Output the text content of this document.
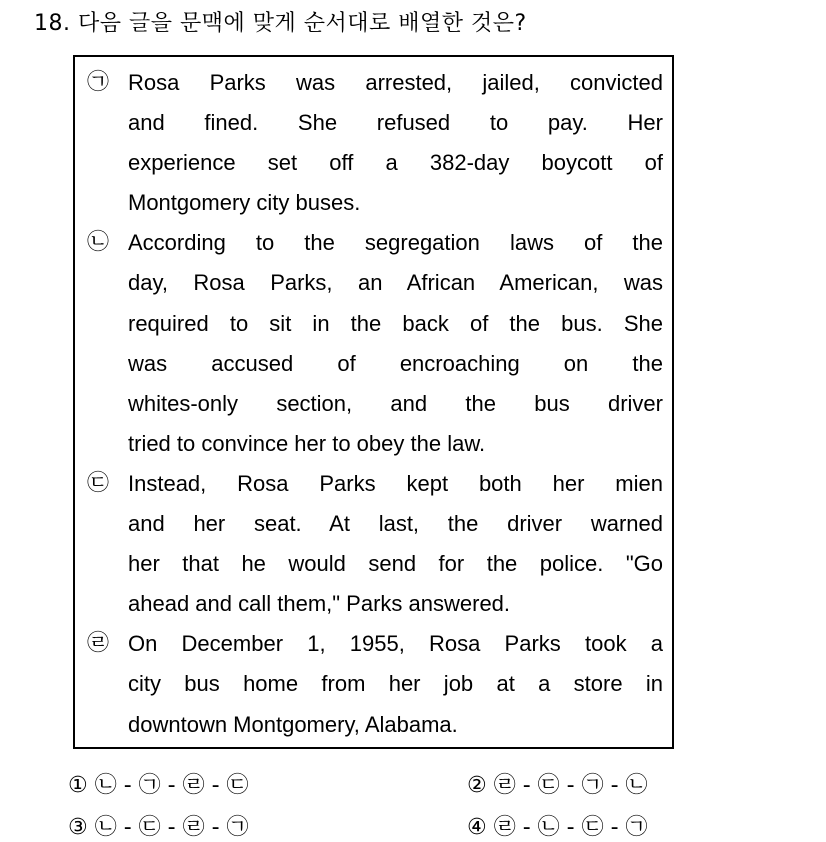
18. 다음 글을 문맥에 맞게 순서대로 배열한 것은?
㉠ Rosa Parks was arrested, jailed, convicted
and fined. She refused to pay. Her
experience set off a 382-day boycott of
Montgomery city buses.
㉡ According to the segregation laws of the
day, Rosa Parks, an African American, was
required to sit in the back of the bus. She
was accused of encroaching on the
whites-only section, and the bus driver
tried to convince her to obey the law.
㉢ Instead, Rosa Parks kept both her mien
and her seat. At last, the driver warned
her that he would send for the police. "Go
ahead and call them," Parks answered.
㉣ On December 1, 1955, Rosa Parks took a
city bus home from her job at a store in
downtown Montgomery, Alabama.
① ㉡ - ㉠ - ㉣ - ㉢	② ㉣ - ㉢ - ㉠ - ㉡
③ ㉡ - ㉢ - ㉣ - ㉠	④ ㉣ - ㉡ - ㉢ - ㉠
